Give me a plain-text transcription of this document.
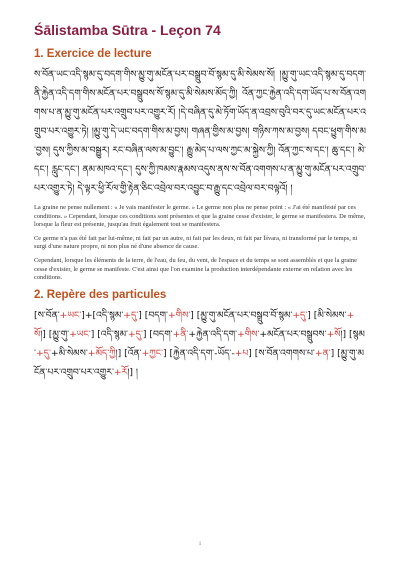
Śālistamba Sūtra - Leçon 74
1. Exercice de lecture

ས་བོན་ཡང་འདི་སྙམ་དུ་བདག་གིས་མྱུ་གུ་མངོན་པར་བསྒྲུབ་བོ་སྙམ་དུ་མི་སེམས་སོ། །མྱུ་གུ་ཡང་འདི་སྙམ་དུ་བདག་ནི་རྐྱེན་འདི་དག་གིས་མངོན་པར་བསྒྲུབས་སོ་སྙམ་དུ་མི་སེམས་མོད་ཀྱི། འོན་ཀྱང་རྐྱེན་འདི་དག་ཡོད་པ་ས་བོན་འགགས་པ་ན་མྱུ་གུ་མངོན་པར་འགྲུབ་པར་འགྱུར་རོ། །དེ་བཞིན་དུ་མེ་ཏོག་ཡོད་ན་འབྲས་བུའི་བར་དུ་ཡང་མངོན་པར་འགྲུབ་པར་འགྱུར་ཏེ། །མྱུ་གུ་དེ་ཡང་བདག་གིས་མ་བྱས། གཞན་གྱིས་མ་བྱས། གཉིས་ཀས་མ་བྱས། དབང་ཕྱུག་གིས་མ་བྱས། དུས་ཀྱིས་མ་བསྒྱུར། རང་བཞིན་ལས་མ་བྱུང་། རྒྱུ་མེད་པ་ལས་ཀྱང་མ་སྐྱེས་ཀྱི། འོན་ཀྱང་ས་དང་། ཆུ་དང་། མེ་དང་། རླུང་དང་། ནམ་མཁའ་དང་། དུས་ཀྱི་ཁམས་རྣམས་འདུས་ནས་ས་བོན་འགགས་པ་ན་མྱུ་གུ་མངོན་པར་འགྲུབ་པར་འགྱུར་ཏེ། དེ་ལྟར་ཕྱི་རོལ་གྱི་རྟེན་ཅིང་འབྲེལ་བར་འབྱུང་བ་རྒྱུ་དང་འབྲེལ་བར་བལྟའོ། །

La graine ne pense nullement : « Je vais manifester le germe. » Le germe non plus ne pense point : « J'ai été manifesté par ces conditions. » Cependant, lorsque ces conditions sont présentes et que la graine cesse d'exister, le germe se manifestera. De même, lorsque la fleur est présente, jusqu'au fruit également tout se manifestera.

Ce germe n'a pas été fait par lui-même, ni fait par un autre, ni fait par les deux, ni fait par Īśvara, ni transformé par le temps, ni surgi d'une nature propre, ni non plus né d'une absence de cause.

Cependant, lorsque les éléments de la terre, de l'eau, du feu, du vent, de l'espace et du temps se sont assemblés et que la graine cesse d'exister, le germe se manifeste. C'est ainsi que l'on examine la production interdépendante externe en relation avec les conditions.

2. Repère des particules

[ས་བོན་+ཡང་]+[འདི་སྙམ་+དུ་] [བདག་+གིས་] [མྱུ་གུ་མངོན་པར་བསྒྲུབ་བོ་སྙམ་+དུ་] [མི་སེམས་+སོ།] [མྱུ་གུ་+ཡང་] [འདི་སྙམ་+དུ་] [བདག་+ནི་+རྐྱེན་འདི་དག་+གིས་+མངོན་པར་བསྒྲུབས་+སོ།] [སྙམ་+དུ་+མི་སེམས་+མོད་ཀྱི།] [འོན་+ཀྱང་] [རྐྱེན་འདི་དག་-ཡོད་-+པ] [ས་བོན་འགགས་པ་+ན་] [མྱུ་གུ་མངོན་པར་འགྲུབ་པར་འགྱུར་+རོ།] །

1
